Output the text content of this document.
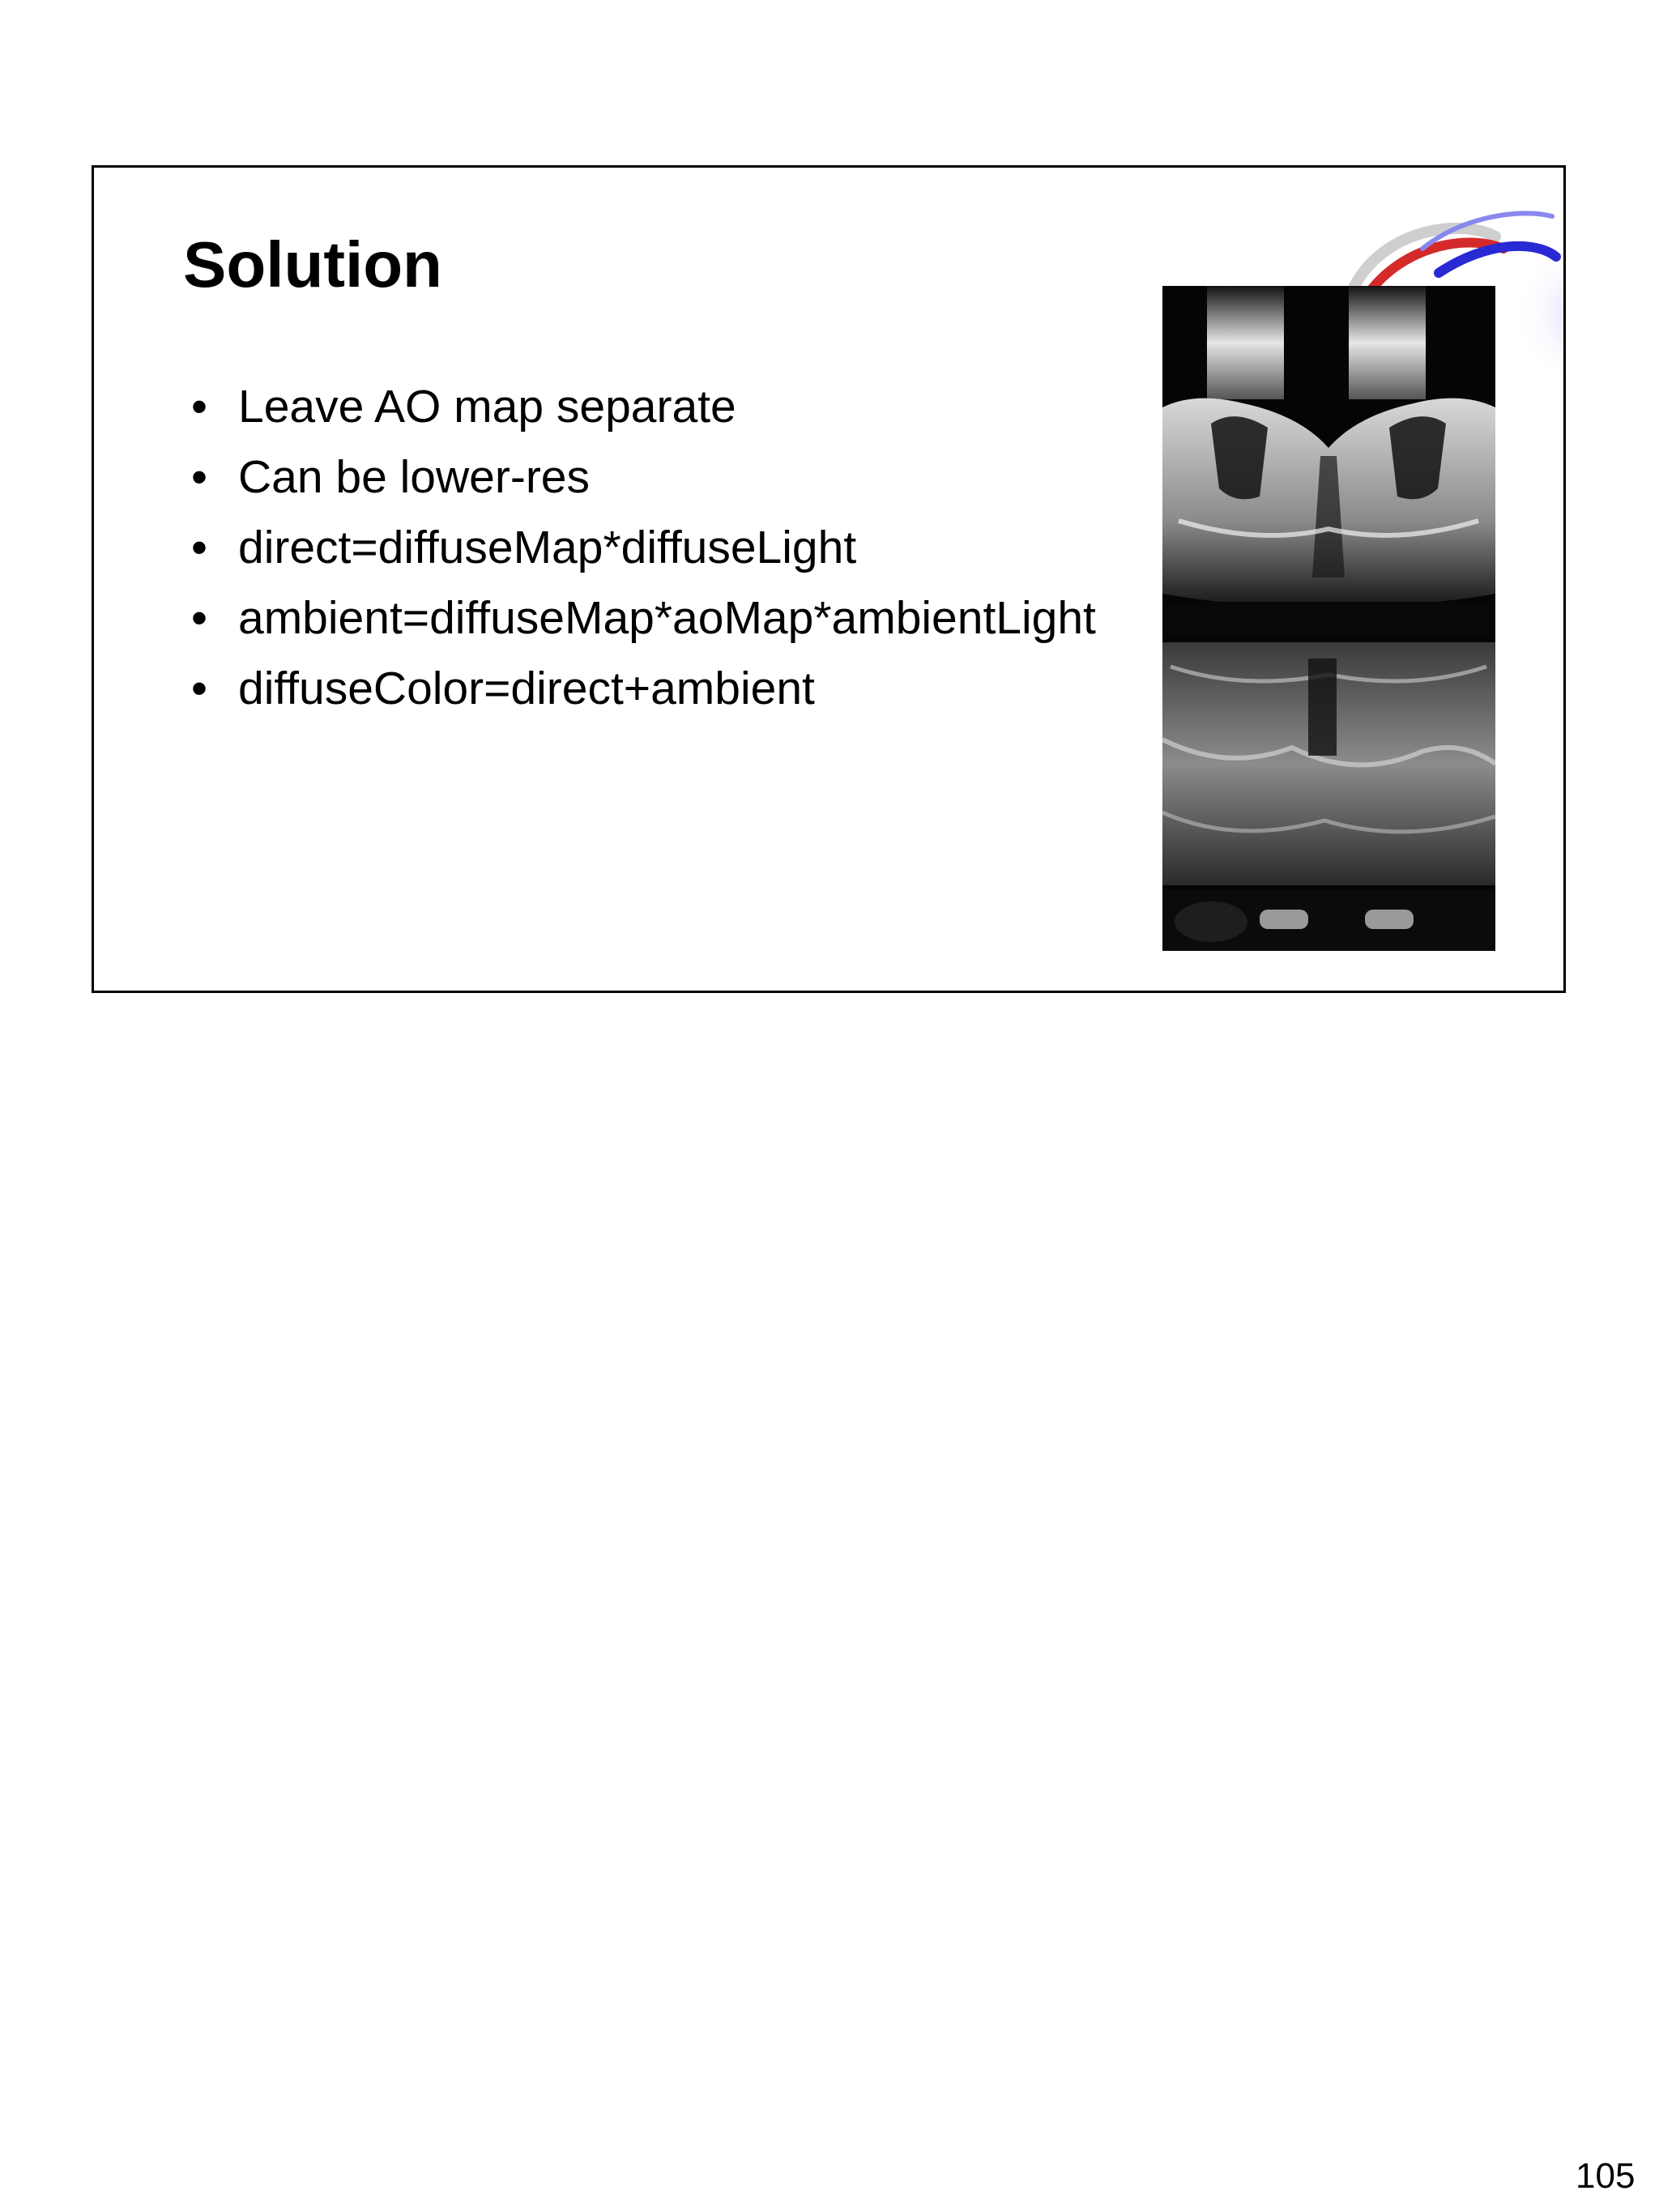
Solution
• Leave AO map separate
• Can be lower-res
• direct=diffuseMap*diffuseLight
• ambient=diffuseMap*aoMap*ambientLight
• diffuseColor=direct+ambient
105
